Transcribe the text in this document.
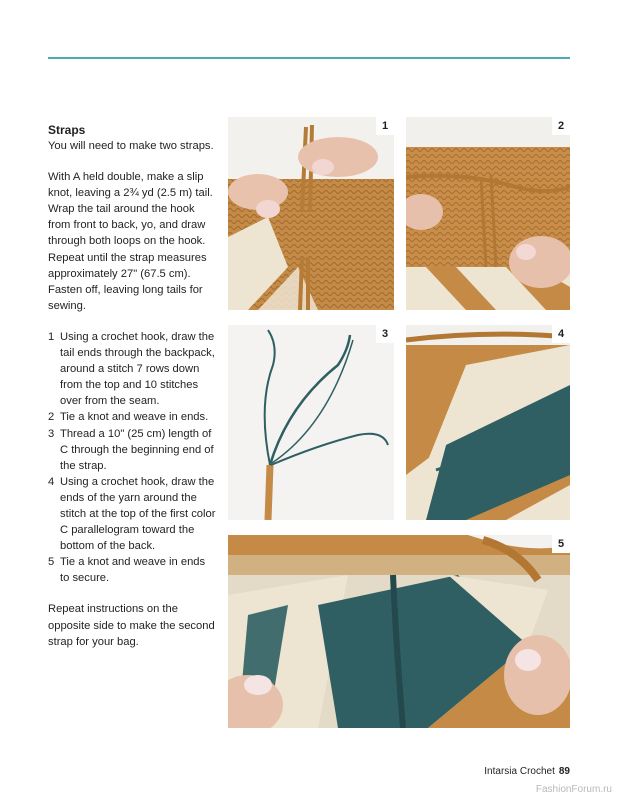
Straps

You will need to make two straps.

With A held double, make a slip knot, leaving a 2¾ yd (2.5 m) tail. Wrap the tail around the hook from front to back, yo, and draw through both loops on the hook. Repeat until the strap measures approximately 27" (67.5 cm). Fasten off, leaving long tails for sewing.

1 Using a crochet hook, draw the tail ends through the backpack, around a stitch 7 rows down from the top and 10 stitches over from the seam.
2 Tie a knot and weave in ends.
3 Thread a 10" (25 cm) length of C through the beginning end of the strap.
4 Using a crochet hook, draw the ends of the yarn around the stitch at the top of the first color C parallelogram toward the bottom of the back.
5 Tie a knot and weave in ends to secure.

Repeat instructions on the opposite side to make the second strap for your bag.

1	2
3	4
5
Intarsia Crochet 89
FashionForum.ru
